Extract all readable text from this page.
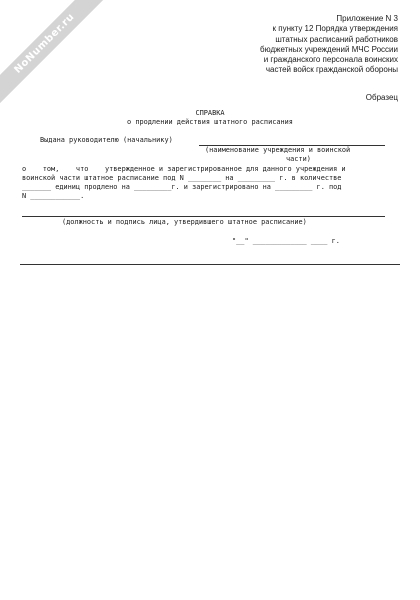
NoNumber.ru	Приложение N 3
к пункту 12 Порядка утверждения
штатных расписаний работников
бюджетных учреждений МЧС России
и гражданского персонала воинских
частей войск гражданской обороны
Образец
СПРАВКА
о продлении действия штатного расписания
Выдана руководителю (начальнику)
(наименование учреждения и воинской
части)
о    том,    что    утвержденное и зарегистрированное для данного учреждения и
воинской части штатное расписание под N ________ на _________ г. в количестве
_______ единиц продлено на _________г. и зарегистрировано на _________ г. под
N ____________.
(должность и подпись лица, утвердившего штатное расписание)
"__" _____________ ____ г.
